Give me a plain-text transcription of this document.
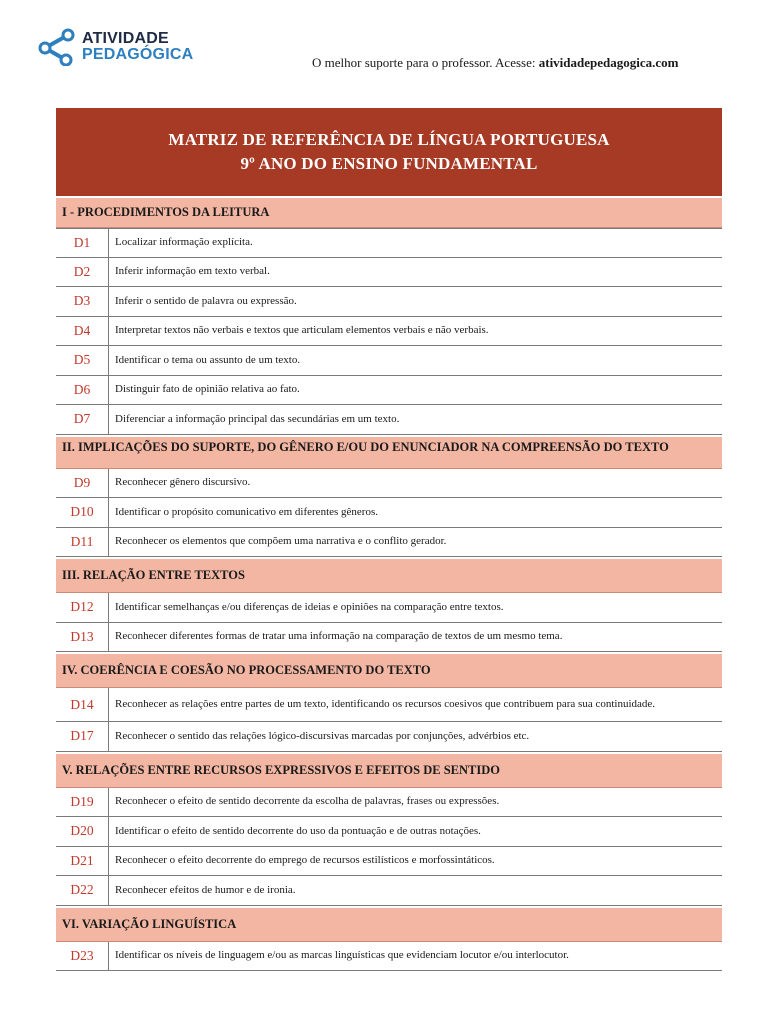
ATIVIDADE
PEDAGÓGICA	O melhor suporte para o professor. Acesse: atividadepedagogica.com
MATRIZ DE REFERÊNCIA DE LÍNGUA PORTUGUESA
9º ANO DO ENSINO FUNDAMENTAL
I - PROCEDIMENTOS DA LEITURA
D1	Localizar informação explícita.
D2	Inferir informação em texto verbal.
D3	Inferir o sentido de palavra ou expressão.
D4	Interpretar textos não verbais e textos que articulam elementos verbais e não verbais.
D5	Identificar o tema ou assunto de um texto.
D6	Distinguir fato de opinião relativa ao fato.
D7	Diferenciar a informação principal das secundárias em um texto.
II. IMPLICAÇÕES DO SUPORTE, DO GÊNERO E/OU DO ENUNCIADOR NA COMPREENSÃO DO TEXTO
D9	Reconhecer gênero discursivo.
D10	Identificar o propósito comunicativo em diferentes gêneros.
D11	Reconhecer os elementos que compõem uma narrativa e o conflito gerador.
III. RELAÇÃO ENTRE TEXTOS
D12	Identificar semelhanças e/ou diferenças de ideias e opiniões na comparação entre textos.
D13	Reconhecer diferentes formas de tratar uma informação na comparação de textos de um mesmo tema.
IV. COERÊNCIA E COESÃO NO PROCESSAMENTO DO TEXTO
D14	Reconhecer as relações entre partes de um texto, identificando os recursos coesivos que contribuem para sua continuidade.
D17	Reconhecer o sentido das relações lógico-discursivas marcadas por conjunções, advérbios etc.
V. RELAÇÕES ENTRE RECURSOS EXPRESSIVOS E EFEITOS DE SENTIDO
D19	Reconhecer o efeito de sentido decorrente da escolha de palavras, frases ou expressões.
D20	Identificar o efeito de sentido decorrente do uso da pontuação e de outras notações.
D21	Reconhecer o efeito decorrente do emprego de recursos estilísticos e morfossintáticos.
D22	Reconhecer efeitos de humor e de ironia.
VI. VARIAÇÃO LINGUÍSTICA
D23	Identificar os níveis de linguagem e/ou as marcas linguísticas que evidenciam locutor e/ou interlocutor.
